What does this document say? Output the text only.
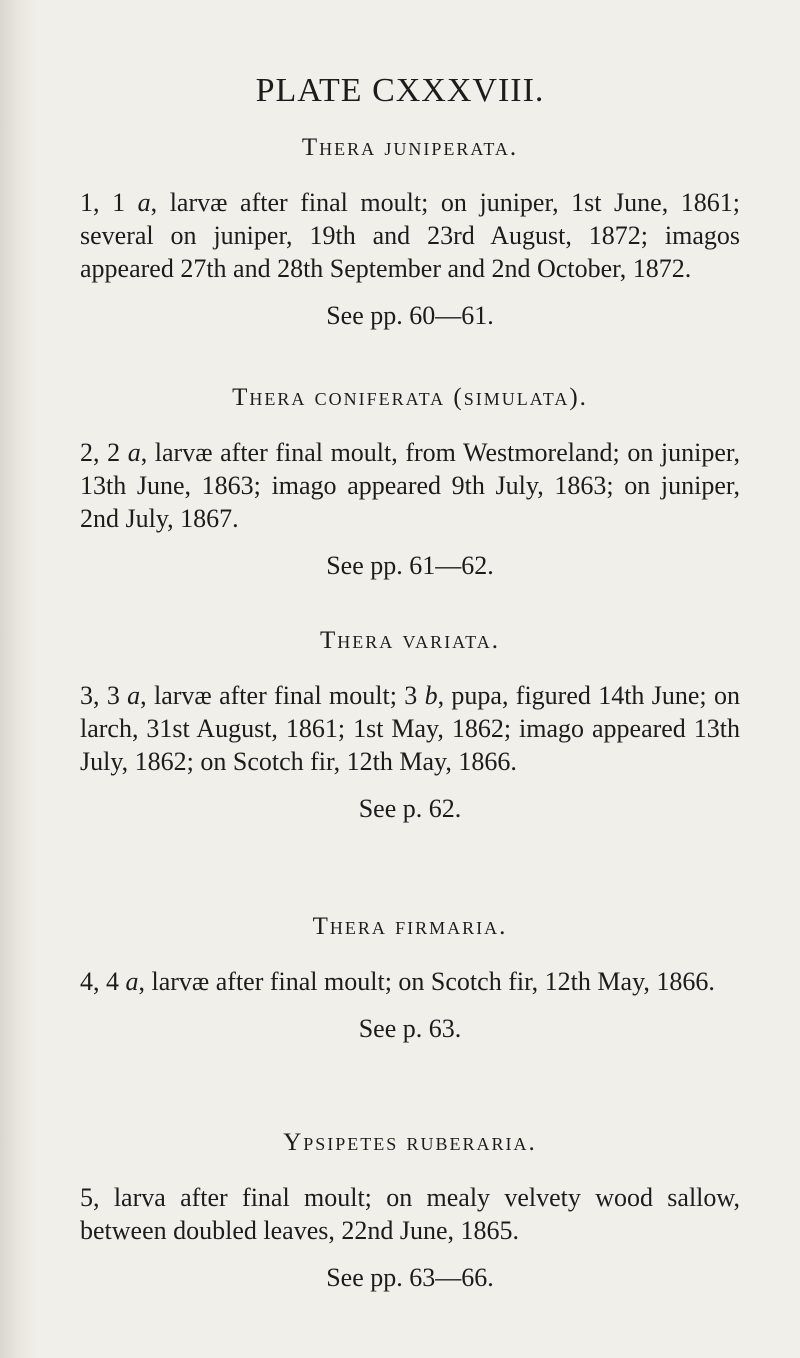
PLATE CXXXVIII.
Thera juniperata.

1, 1 a, larvæ after final moult; on juniper, 1st June, 1861; several on juniper, 19th and 23rd August, 1872; imagos appeared 27th and 28th September and 2nd October, 1872.

See pp. 60—61.
Thera coniferata (simulata).

2, 2 a, larvæ after final moult, from Westmoreland; on juniper, 13th June, 1863; imago appeared 9th July, 1863; on juniper, 2nd July, 1867.

See pp. 61—62.
Thera variata.

3, 3 a, larvæ after final moult; 3 b, pupa, figured 14th June; on larch, 31st August, 1861; 1st May, 1862; imago appeared 13th July, 1862; on Scotch fir, 12th May, 1866.

See p. 62.
Thera firmaria.

4, 4 a, larvæ after final moult; on Scotch fir, 12th May, 1866.

See p. 63.
Ypsipetes ruberaria.

5, larva after final moult; on mealy velvety wood sallow, between doubled leaves, 22nd June, 1865.

See pp. 63—66.
